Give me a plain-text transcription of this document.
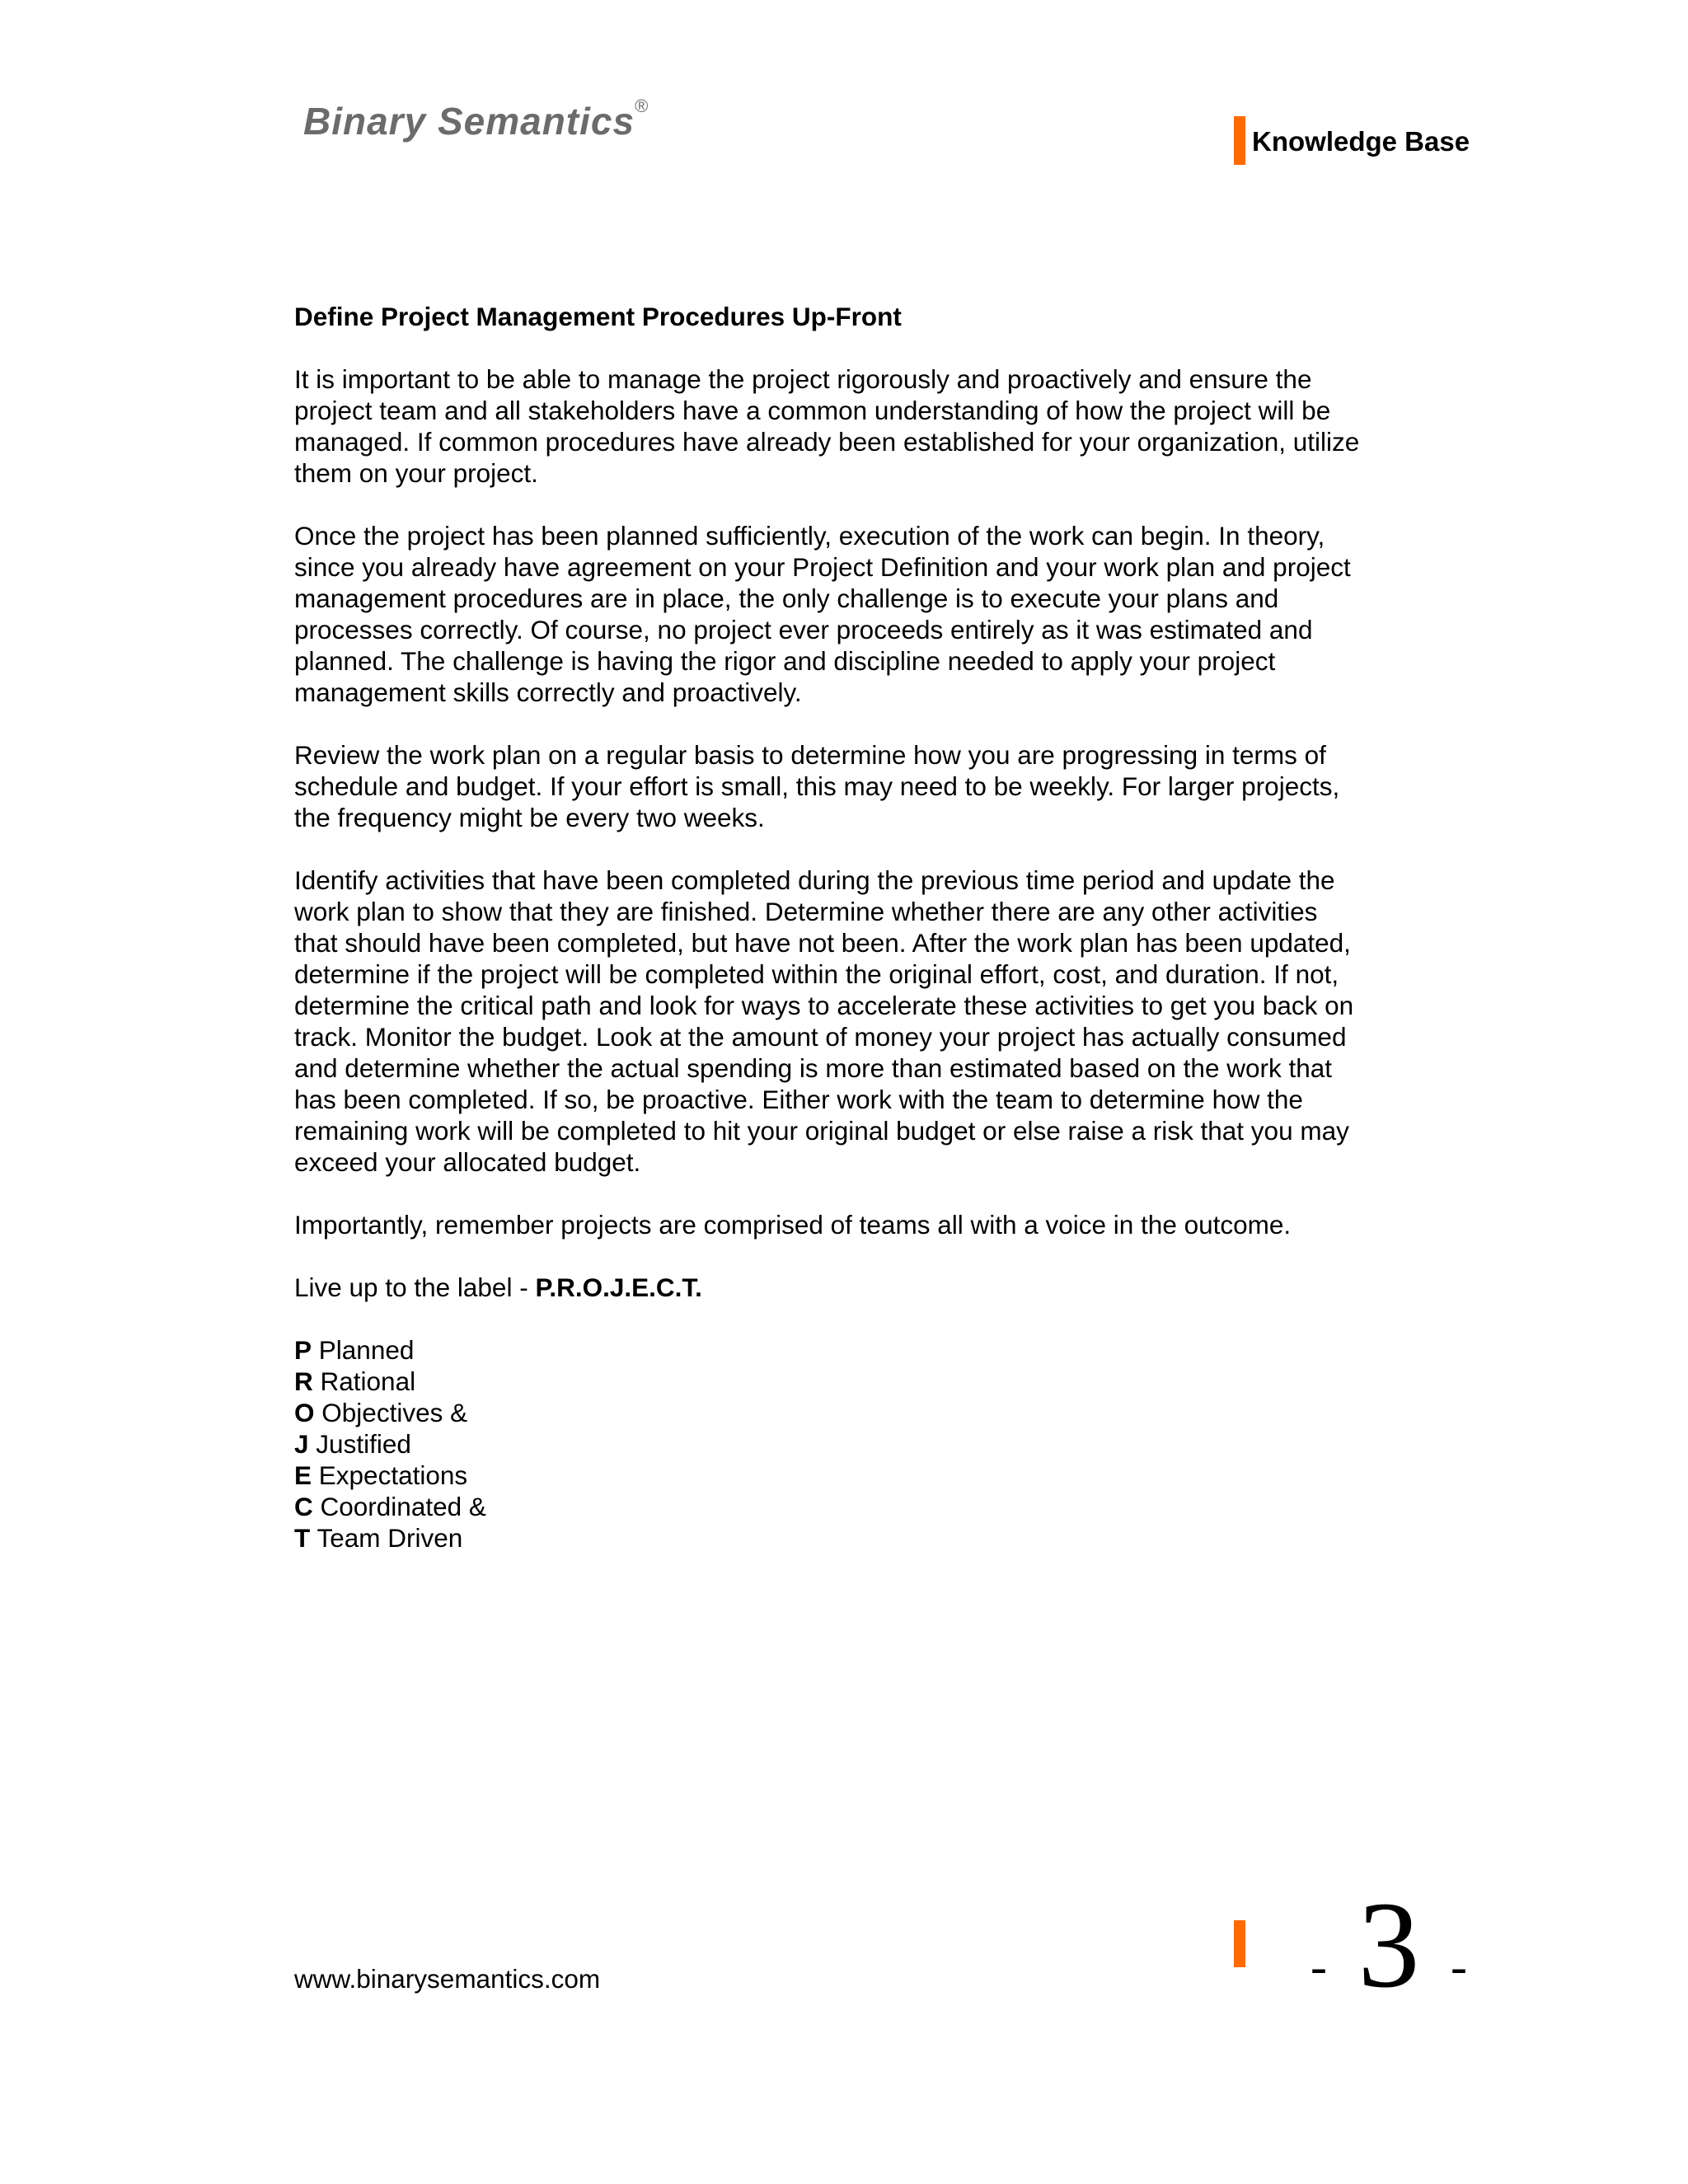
Binary Semantics®
Knowledge Base
Define Project Management Procedures Up-Front

It is important to be able to manage the project rigorously and proactively and ensure the project team and all stakeholders have a common understanding of how the project will be managed. If common procedures have already been established for your organization, utilize them on your project.

Once the project has been planned sufficiently, execution of the work can begin. In theory, since you already have agreement on your Project Definition and your work plan and project management procedures are in place, the only challenge is to execute your plans and processes correctly. Of course, no project ever proceeds entirely as it was estimated and planned. The challenge is having the rigor and discipline needed to apply your project management skills correctly and proactively.

Review the work plan on a regular basis to determine how you are progressing in terms of schedule and budget. If your effort is small, this may need to be weekly. For larger projects, the frequency might be every two weeks.

Identify activities that have been completed during the previous time period and update the work plan to show that they are finished. Determine whether there are any other activities that should have been completed, but have not been. After the work plan has been updated, determine if the project will be completed within the original effort, cost, and duration. If not, determine the critical path and look for ways to accelerate these activities to get you back on track. Monitor the budget. Look at the amount of money your project has actually consumed and determine whether the actual spending is more than estimated based on the work that has been completed. If so, be proactive. Either work with the team to determine how the remaining work will be completed to hit your original budget or else raise a risk that you may exceed your allocated budget.

Importantly, remember projects are comprised of teams all with a voice in the outcome.

Live up to the label - P.R.O.J.E.C.T.

P Planned
R Rational
O Objectives &
J Justified
E Expectations
C Coordinated &
T Team Driven
www.binarysemantics.com	- 3 -
